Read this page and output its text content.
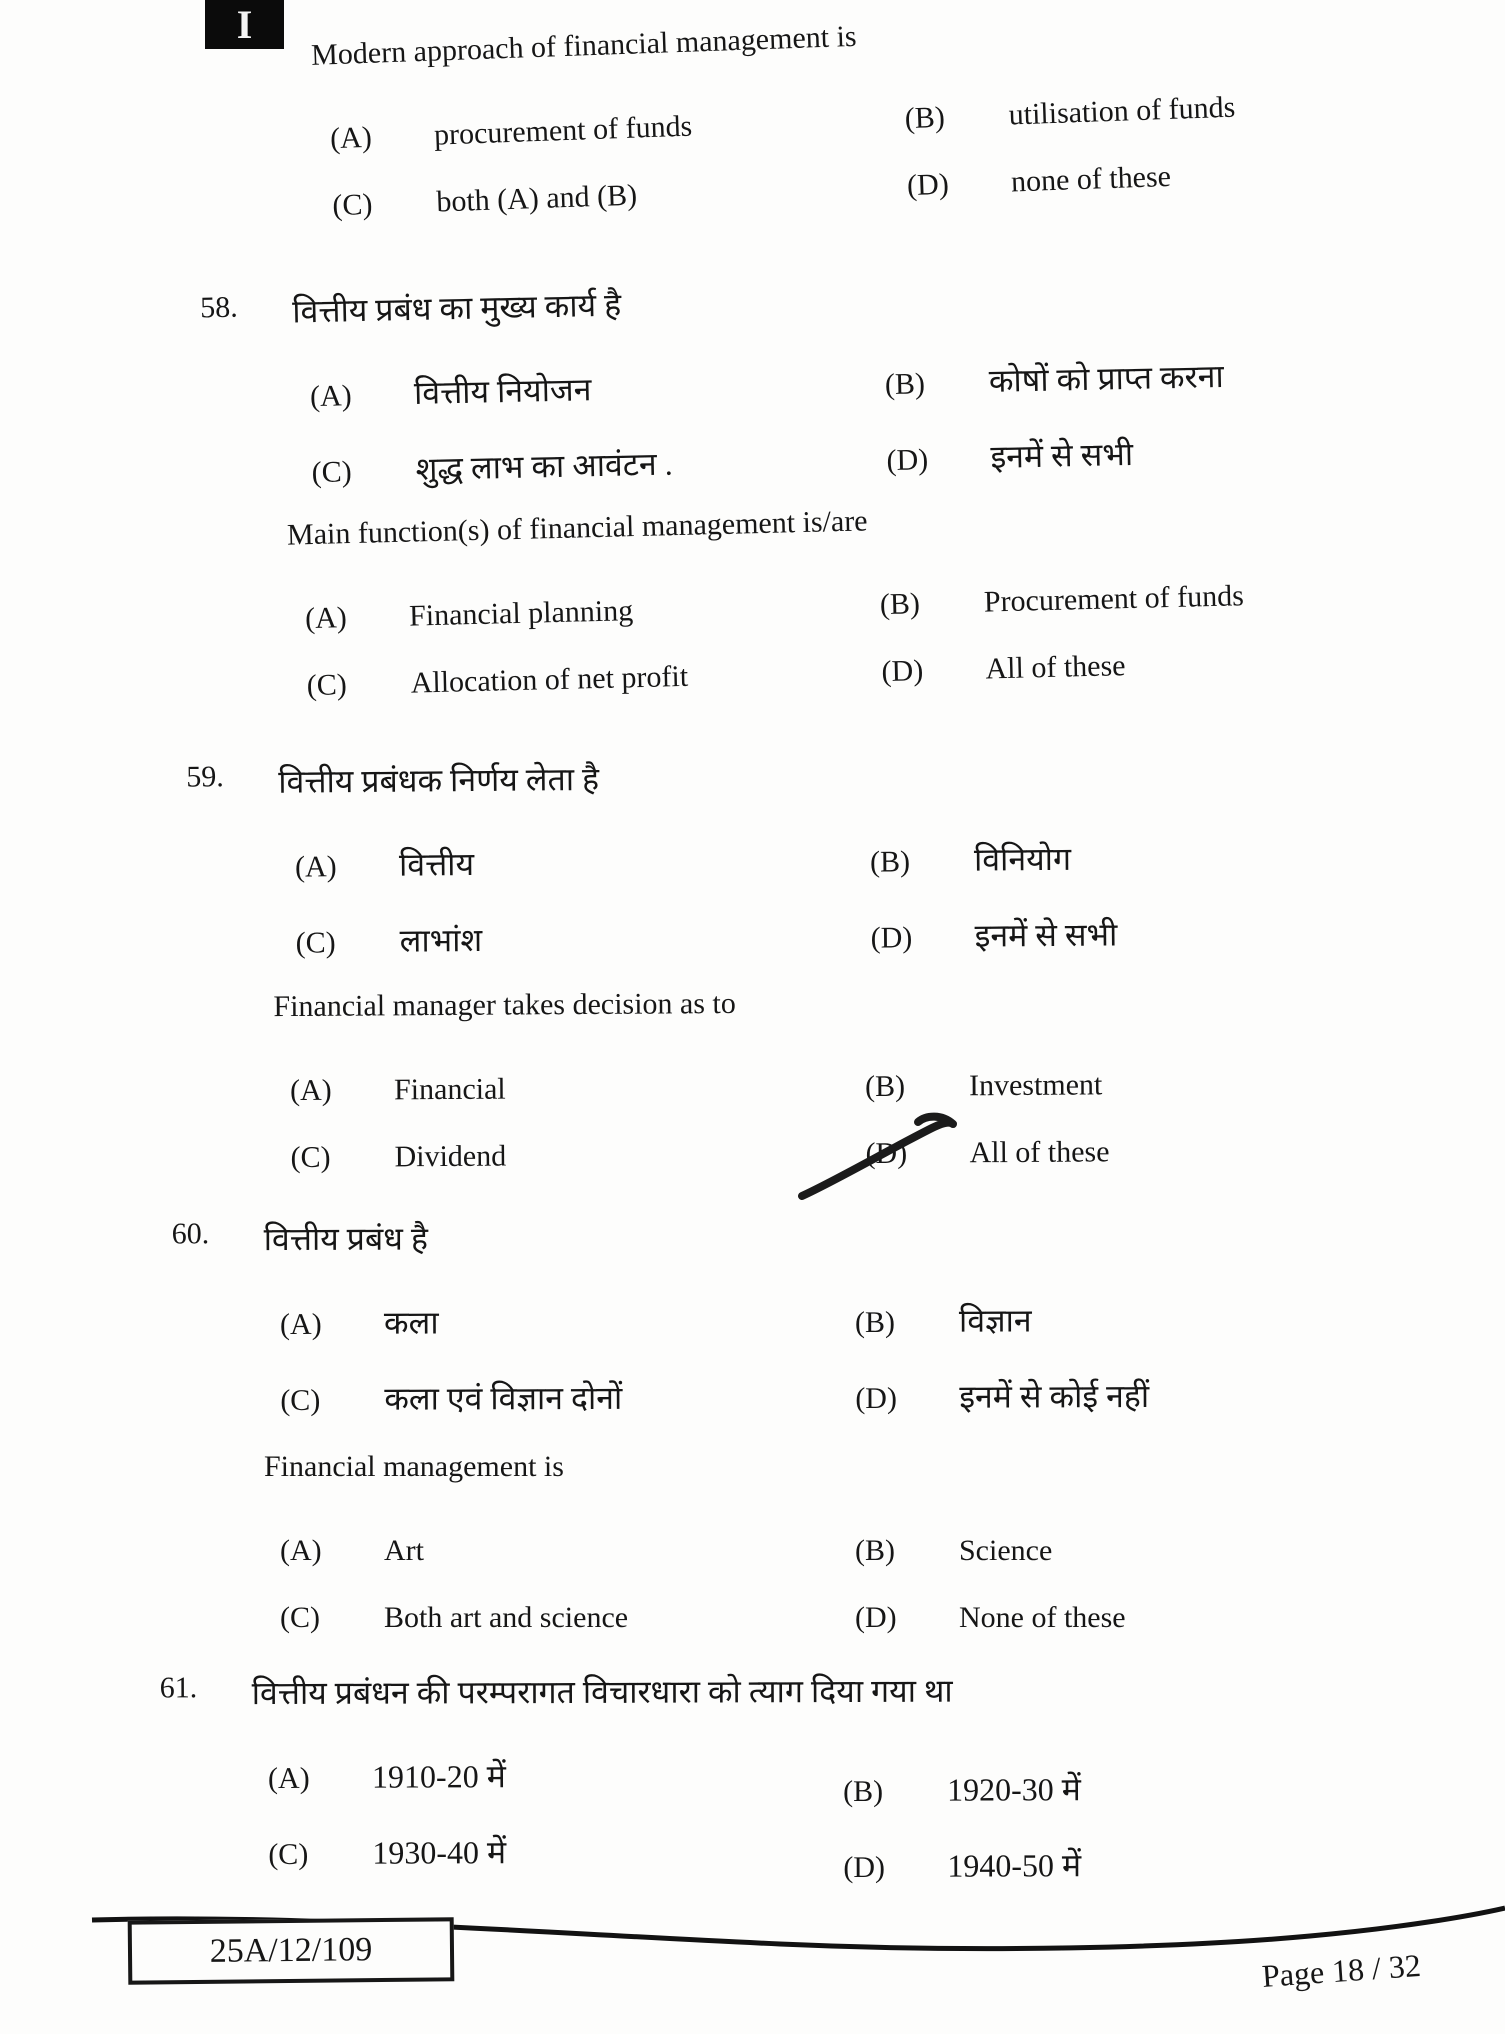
I	Modern approach of financial management is
(A)	procurement of funds	(B)	utilisation of funds
(C)	both (A) and (B)	(D)	none of these
58.	वित्तीय प्रबंध का मुख्य कार्य है
(A)	वित्तीय नियोजन	(B)	कोषों को प्राप्त करना
(C)	शुद्ध लाभ का आवंटन .	(D)	इनमें से सभी
Main function(s) of financial management is/are
(A)	Financial planning	(B)	Procurement of funds
(C)	Allocation of net profit	(D)	All of these
59.	वित्तीय प्रबंधक निर्णय लेता है
(A)	वित्तीय	(B)	विनियोग
(C)	लाभांश	(D)	इनमें से सभी
Financial manager takes decision as to
(A)	Financial	(B)	Investment
(C)	Dividend	(D)	All of these
60.	वित्तीय प्रबंध है
(A)	कला	(B)	विज्ञान
(C)	कला एवं विज्ञान दोनों	(D)	इनमें से कोई नहीं
Financial management is
(A)	Art	(B)	Science
(C)	Both art and science	(D)	None of these
61.	वित्तीय प्रबंधन की परम्परागत विचारधारा को त्याग दिया गया था
(A)	1910-20 में	(B)	1920-30 में
(C)	1930-40 में	(D)	1940-50 में
25A/12/109	Page 18 / 32
